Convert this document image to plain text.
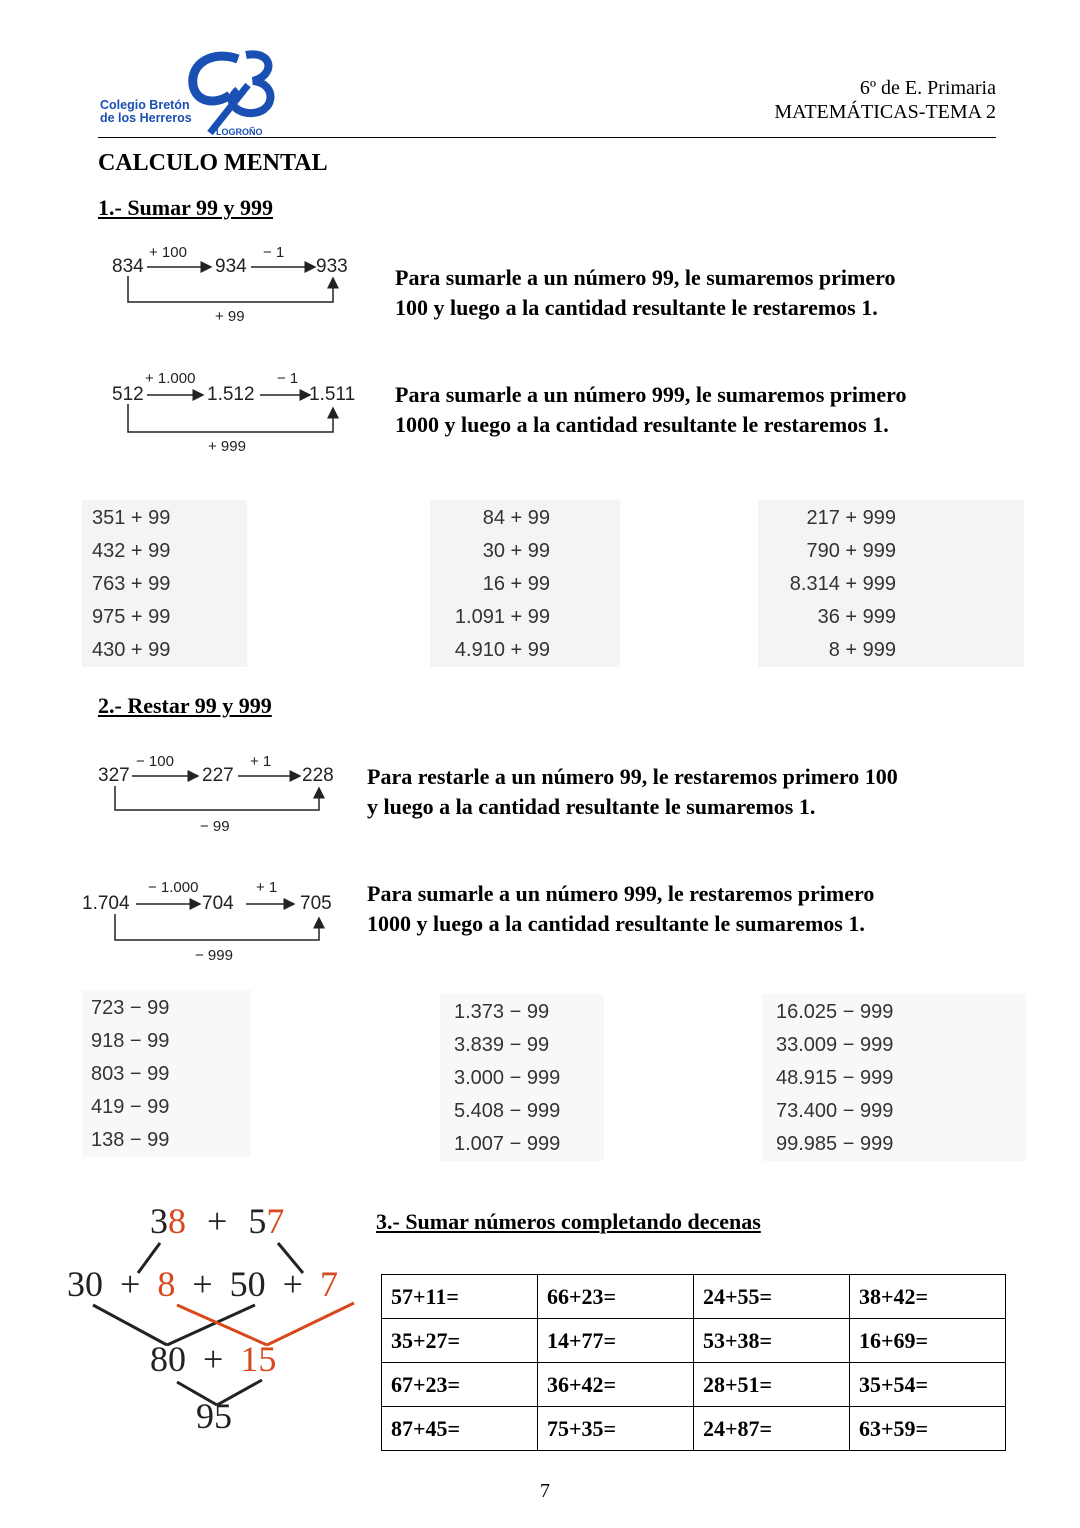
Colegio Bretón
de los Herreros
LOGROÑO
6º de E. Primaria
MATEMÁTICAS-TEMA 2
CALCULO MENTAL
1.- Sumar 99 y 999
834
+ 100
934
− 1
933
+ 99
Para sumarle a un número 99, le sumaremos primero
100 y luego a la cantidad resultante le restaremos 1.
512
+ 1.000
1.512
− 1
1.511
+ 999
Para sumarle a un número 999, le sumaremos primero
1000 y luego a la cantidad resultante le restaremos 1.
351 + 99
432 + 99
763 + 99
975 + 99
430 + 99
84 + 99
30 + 99
16 + 99
1.091 + 99
4.910 + 99
217 + 999
790 + 999
8.314 + 999
36 + 999
8 + 999
2.- Restar 99 y 999
327
− 100
227
+ 1
228
− 99
Para restarle a un número 99, le restaremos primero 100
y luego a la cantidad resultante le sumaremos 1.
1.704
− 1.000
704
+ 1
705
− 999
Para sumarle a un número 999, le restaremos primero
1000 y luego a la cantidad resultante le sumaremos 1.
723 − 99
918 − 99
803 − 99
419 − 99
138 − 99
1.373 − 99
3.839 − 99
3.000 − 999
5.408 − 999
1.007 − 999
16.025 − 999
33.009 − 999
48.915 − 999
73.400 − 999
99.985 − 999
38 + 57
30 + 8 + 50 + 7
80 + 15
95
3.- Sumar números completando decenas
57+11=	66+23=	24+55=	38+42=
35+27=	14+77=	53+38=	16+69=
67+23=	36+42=	28+51=	35+54=
87+45=	75+35=	24+87=	63+59=
7
